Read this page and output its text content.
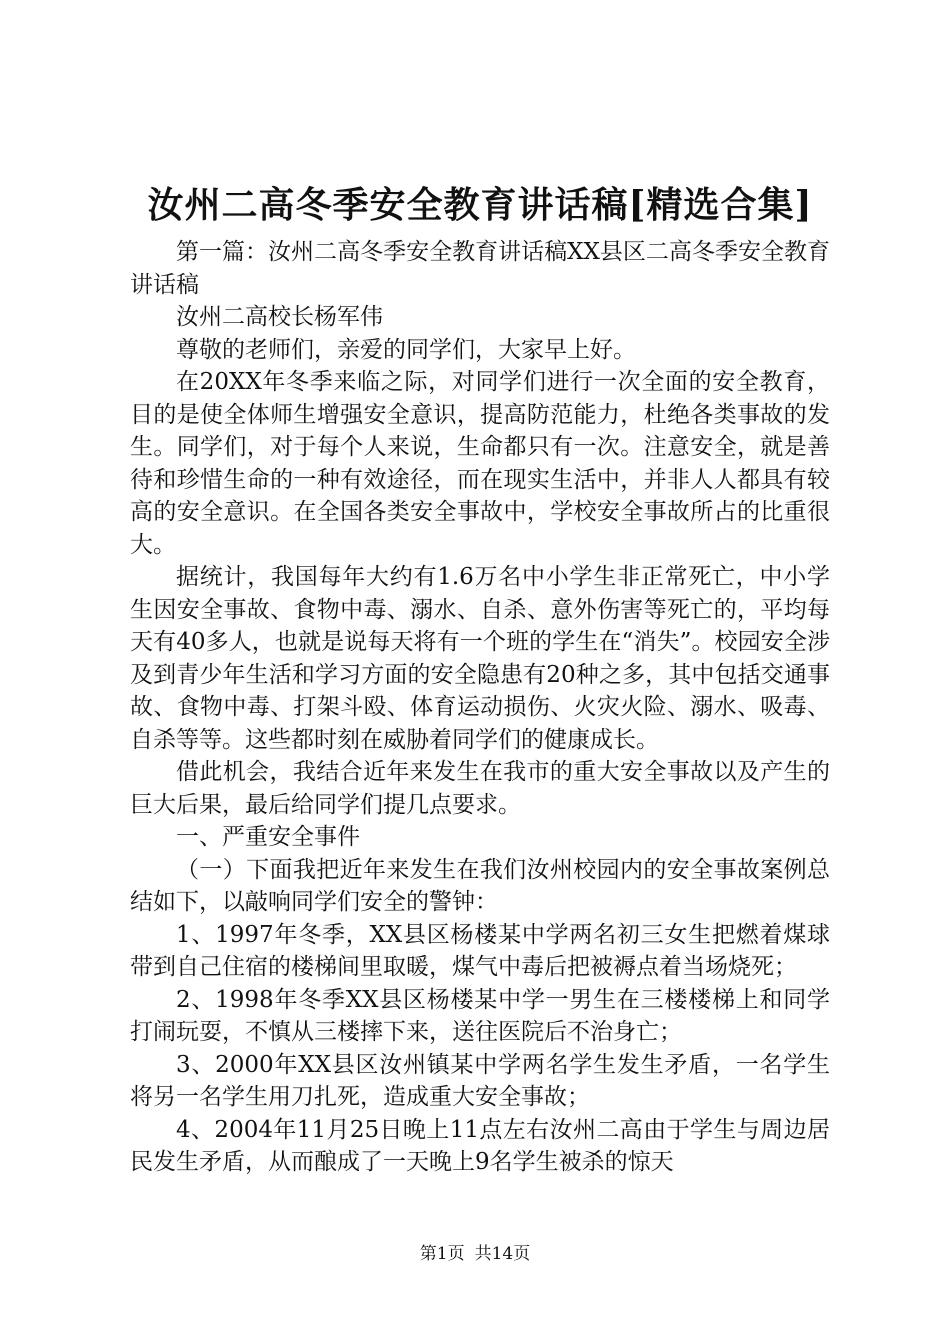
汝州二高冬季安全教育讲话稿[精选合集]

第一篇：汝州二高冬季安全教育讲话稿XX县区二高冬季安全教育讲话稿

汝州二高校长杨军伟

尊敬的老师们，亲爱的同学们，大家早上好。

在20XX年冬季来临之际，对同学们进行一次全面的安全教育，目的是使全体师生增强安全意识，提高防范能力，杜绝各类事故的发生。同学们，对于每个人来说，生命都只有一次。注意安全，就是善待和珍惜生命的一种有效途径，而在现实生活中，并非人人都具有较高的安全意识。在全国各类安全事故中，学校安全事故所占的比重很大。

据统计，我国每年大约有1.6万名中小学生非正常死亡，中小学生因安全事故、食物中毒、溺水、自杀、意外伤害等死亡的，平均每天有40多人，也就是说每天将有一个班的学生在“消失”。校园安全涉及到青少年生活和学习方面的安全隐患有20种之多，其中包括交通事故、食物中毒、打架斗殴、体育运动损伤、火灾火险、溺水、吸毒、自杀等等。这些都时刻在威胁着同学们的健康成长。

借此机会，我结合近年来发生在我市的重大安全事故以及产生的巨大后果，最后给同学们提几点要求。

一、严重安全事件

（一）下面我把近年来发生在我们汝州校园内的安全事故案例总结如下，以敲响同学们安全的警钟：

1、1997年冬季，XX县区杨楼某中学两名初三女生把燃着煤球带到自己住宿的楼梯间里取暖，煤气中毒后把被褥点着当场烧死；

2、1998年冬季XX县区杨楼某中学一男生在三楼楼梯上和同学打闹玩耍，不慎从三楼摔下来，送往医院后不治身亡；

3、2000年XX县区汝州镇某中学两名学生发生矛盾，一名学生将另一名学生用刀扎死，造成重大安全事故；

4、2004年11月25日晚上11点左右汝州二高由于学生与周边居民发生矛盾，从而酿成了一天晚上9名学生被杀的惊天

第1页 共14页
